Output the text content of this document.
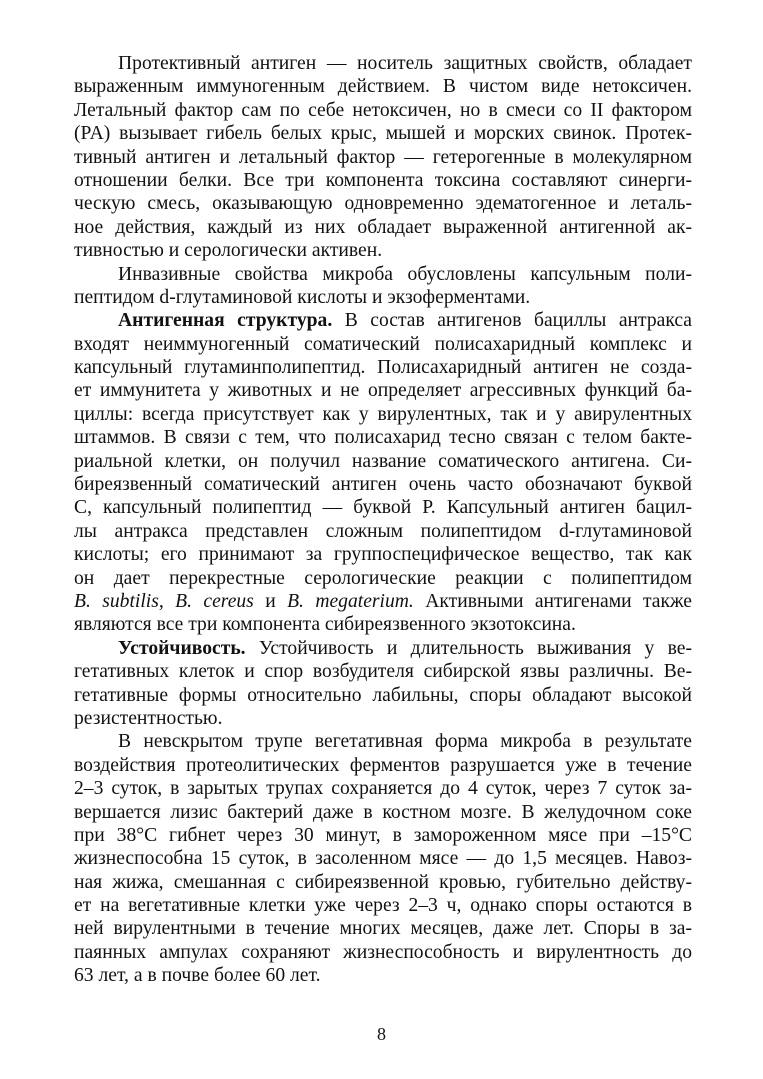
Протективный антиген — носитель защитных свойств, обладает
выраженным иммуногенным действием. В чистом виде нетоксичен.
Летальный фактор сам по себе нетоксичен, но в смеси со II фактором
(PA) вызывает гибель белых крыс, мышей и морских свинок. Протек-
тивный антиген и летальный фактор — гетерогенные в молекулярном
отношении белки. Все три компонента токсина составляют синерги-
ческую смесь, оказывающую одновременно эдематогенное и леталь-
ное действия, каждый из них обладает выраженной антигенной ак-
тивностью и серологически активен.
Инвазивные свойства микроба обусловлены капсульным поли-
пептидом d-глутаминовой кислоты и экзоферментами.
Антигенная структура. В состав антигенов бациллы антракса
входят неиммуногенный соматический полисахаридный комплекс и
капсульный глутаминполипептид. Полисахаридный антиген не созда-
ет иммунитета у животных и не определяет агрессивных функций ба-
циллы: всегда присутствует как у вирулентных, так и у авирулентных
штаммов. В связи с тем, что полисахарид тесно связан с телом бакте-
риальной клетки, он получил название соматического антигена. Си-
биреязвенный соматический антиген очень часто обозначают буквой
С, капсульный полипептид — буквой Р. Капсульный антиген бацил-
лы антракса представлен сложным полипептидом d-глутаминовой
кислоты; его принимают за группоспецифическое вещество, так как
он дает перекрестные серологические реакции с полипептидом
B. subtilis, B. cereus и B. megaterium. Активными антигенами также
являются все три компонента сибиреязвенного экзотоксина.
Устойчивость. Устойчивость и длительность выживания у ве-
гетативных клеток и спор возбудителя сибирской язвы различны. Ве-
гетативные формы относительно лабильны, споры обладают высокой
резистентностью.
В невскрытом трупе вегетативная форма микроба в результате
воздействия протеолитических ферментов разрушается уже в течение
2–3 суток, в зарытых трупах сохраняется до 4 суток, через 7 суток за-
вершается лизис бактерий даже в костном мозге. В желудочном соке
при 38°С гибнет через 30 минут, в замороженном мясе при –15°С
жизнеспособна 15 суток, в засоленном мясе — до 1,5 месяцев. Навоз-
ная жижа, смешанная с сибиреязвенной кровью, губительно действу-
ет на вегетативные клетки уже через 2–3 ч, однако споры остаются в
ней вирулентными в течение многих месяцев, даже лет. Споры в за-
паянных ампулах сохраняют жизнеспособность и вирулентность до
63 лет, а в почве более 60 лет.
8
